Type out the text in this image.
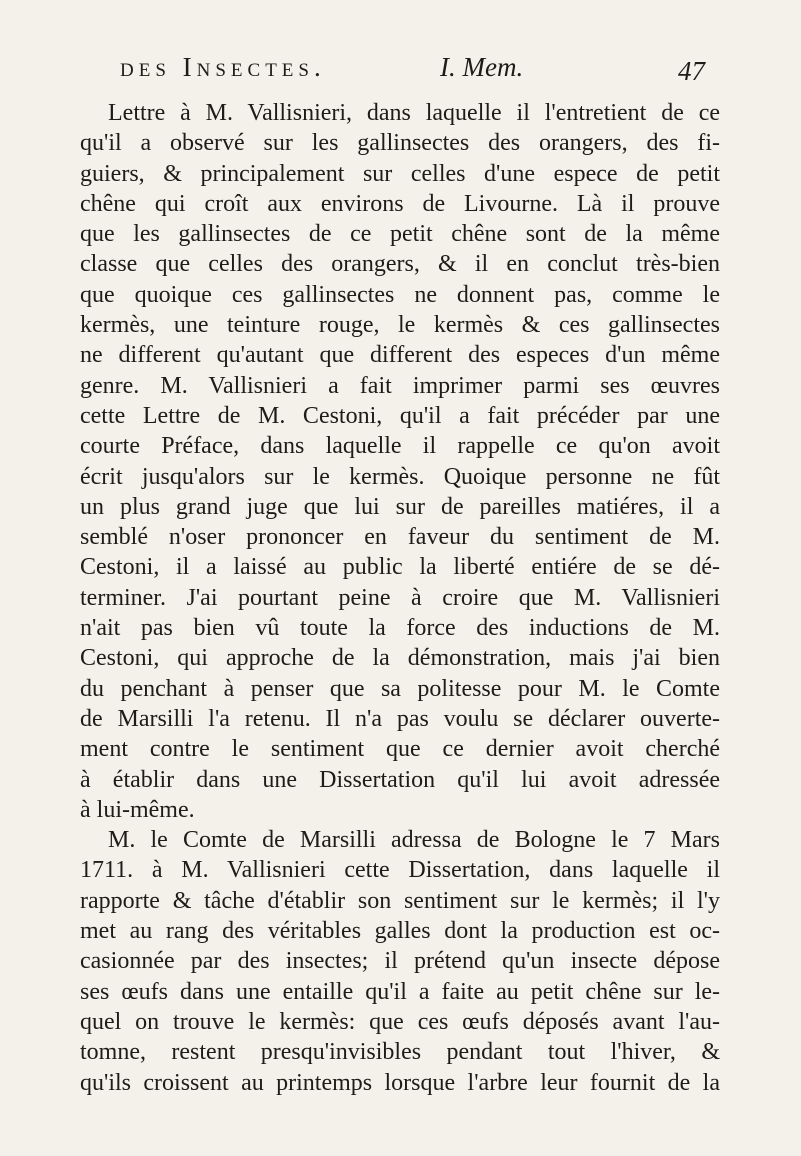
des Insectes.	I. Mem.	47
Lettre à M. Vallisnieri, dans laquelle il l'entretient de ce
qu'il a observé sur les gallinsectes des orangers, des fi-
guiers, & principalement sur celles d'une espece de petit
chêne qui croît aux environs de Livourne. Là il prouve
que les gallinsectes de ce petit chêne sont de la même
classe que celles des orangers, & il en conclut très-bien
que quoique ces gallinsectes ne donnent pas, comme le
kermès, une teinture rouge, le kermès & ces gallinsectes
ne different qu'autant que different des especes d'un même
genre. M. Vallisnieri a fait imprimer parmi ses œuvres
cette Lettre de M. Cestoni, qu'il a fait précéder par une
courte Préface, dans laquelle il rappelle ce qu'on avoit
écrit jusqu'alors sur le kermès. Quoique personne ne fût
un plus grand juge que lui sur de pareilles matiéres, il a
semblé n'oser prononcer en faveur du sentiment de M.
Cestoni, il a laissé au public la liberté entiére de se dé-
terminer. J'ai pourtant peine à croire que M. Vallisnieri
n'ait pas bien vû toute la force des inductions de M.
Cestoni, qui approche de la démonstration, mais j'ai bien
du penchant à penser que sa politesse pour M. le Comte
de Marsilli l'a retenu. Il n'a pas voulu se déclarer ouverte-
ment contre le sentiment que ce dernier avoit cherché
à établir dans une Dissertation qu'il lui avoit adressée
à lui-même.
M. le Comte de Marsilli adressa de Bologne le 7 Mars
1711. à M. Vallisnieri cette Dissertation, dans laquelle il
rapporte & tâche d'établir son sentiment sur le kermès; il l'y
met au rang des véritables galles dont la production est oc-
casionnée par des insectes; il prétend qu'un insecte dépose
ses œufs dans une entaille qu'il a faite au petit chêne sur le-
quel on trouve le kermès: que ces œufs déposés avant l'au-
tomne, restent presqu'invisibles pendant tout l'hiver, &
qu'ils croissent au printemps lorsque l'arbre leur fournit de la
